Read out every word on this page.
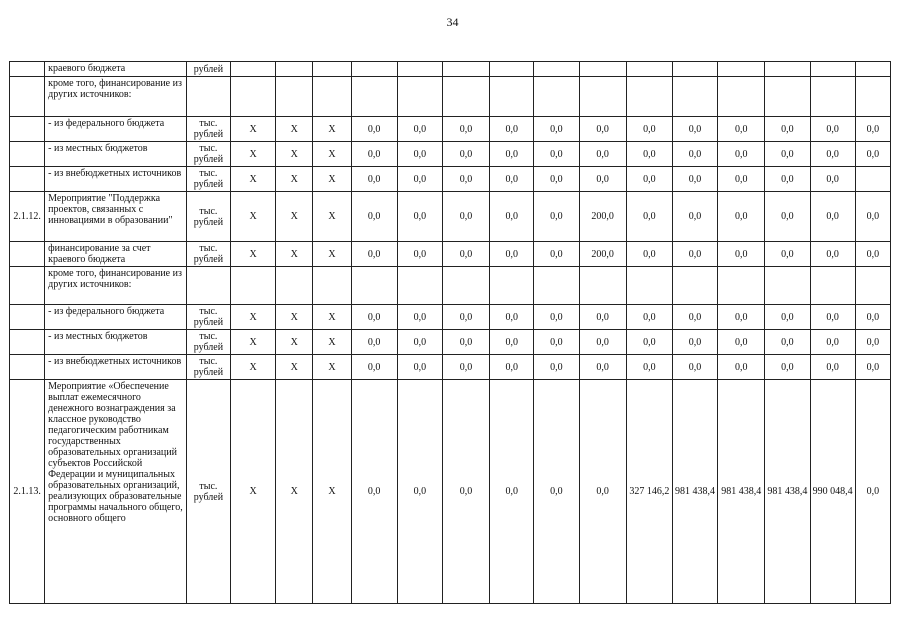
34
	краевого бюджета	рублей															
	кроме того, финансирование из других источников:																
	- из федерального бюджета	тыс. рублей	X	X	X	0,0	0,0	0,0	0,0	0,0	0,0	0,0	0,0	0,0	0,0	0,0	0,0
	- из местных бюджетов	тыс. рублей	X	X	X	0,0	0,0	0,0	0,0	0,0	0,0	0,0	0,0	0,0	0,0	0,0	0,0
	- из внебюджетных источников	тыс. рублей	X	X	X	0,0	0,0	0,0	0,0	0,0	0,0	0,0	0,0	0,0	0,0	0,0	
2.1.12.	Мероприятие "Поддержка проектов, связанных с инновациями в образовании"	тыс. рублей	X	X	X	0,0	0,0	0,0	0,0	0,0	200,0	0,0	0,0	0,0	0,0	0,0	0,0
	финансирование за счет краевого бюджета	тыс. рублей	X	X	X	0,0	0,0	0,0	0,0	0,0	200,0	0,0	0,0	0,0	0,0	0,0	0,0
	кроме того, финансирование из других источников:																
	- из федерального бюджета	тыс. рублей	X	X	X	0,0	0,0	0,0	0,0	0,0	0,0	0,0	0,0	0,0	0,0	0,0	0,0
	- из местных бюджетов	тыс. рублей	X	X	X	0,0	0,0	0,0	0,0	0,0	0,0	0,0	0,0	0,0	0,0	0,0	0,0
	- из внебюджетных источников	тыс. рублей	X	X	X	0,0	0,0	0,0	0,0	0,0	0,0	0,0	0,0	0,0	0,0	0,0	0,0
2.1.13.	Мероприятие «Обеспечение выплат ежемесячного денежного вознаграждения за классное руководство педагогическим работникам государственных образовательных организаций субъектов Российской Федерации и муниципальных образовательных организаций, реализующих образовательные программы начального общего, основного общего	тыс. рублей	X	X	X	0,0	0,0	0,0	0,0	0,0	0,0	327 146,2	981 438,4	981 438,4	981 438,4	990 048,4	0,0
